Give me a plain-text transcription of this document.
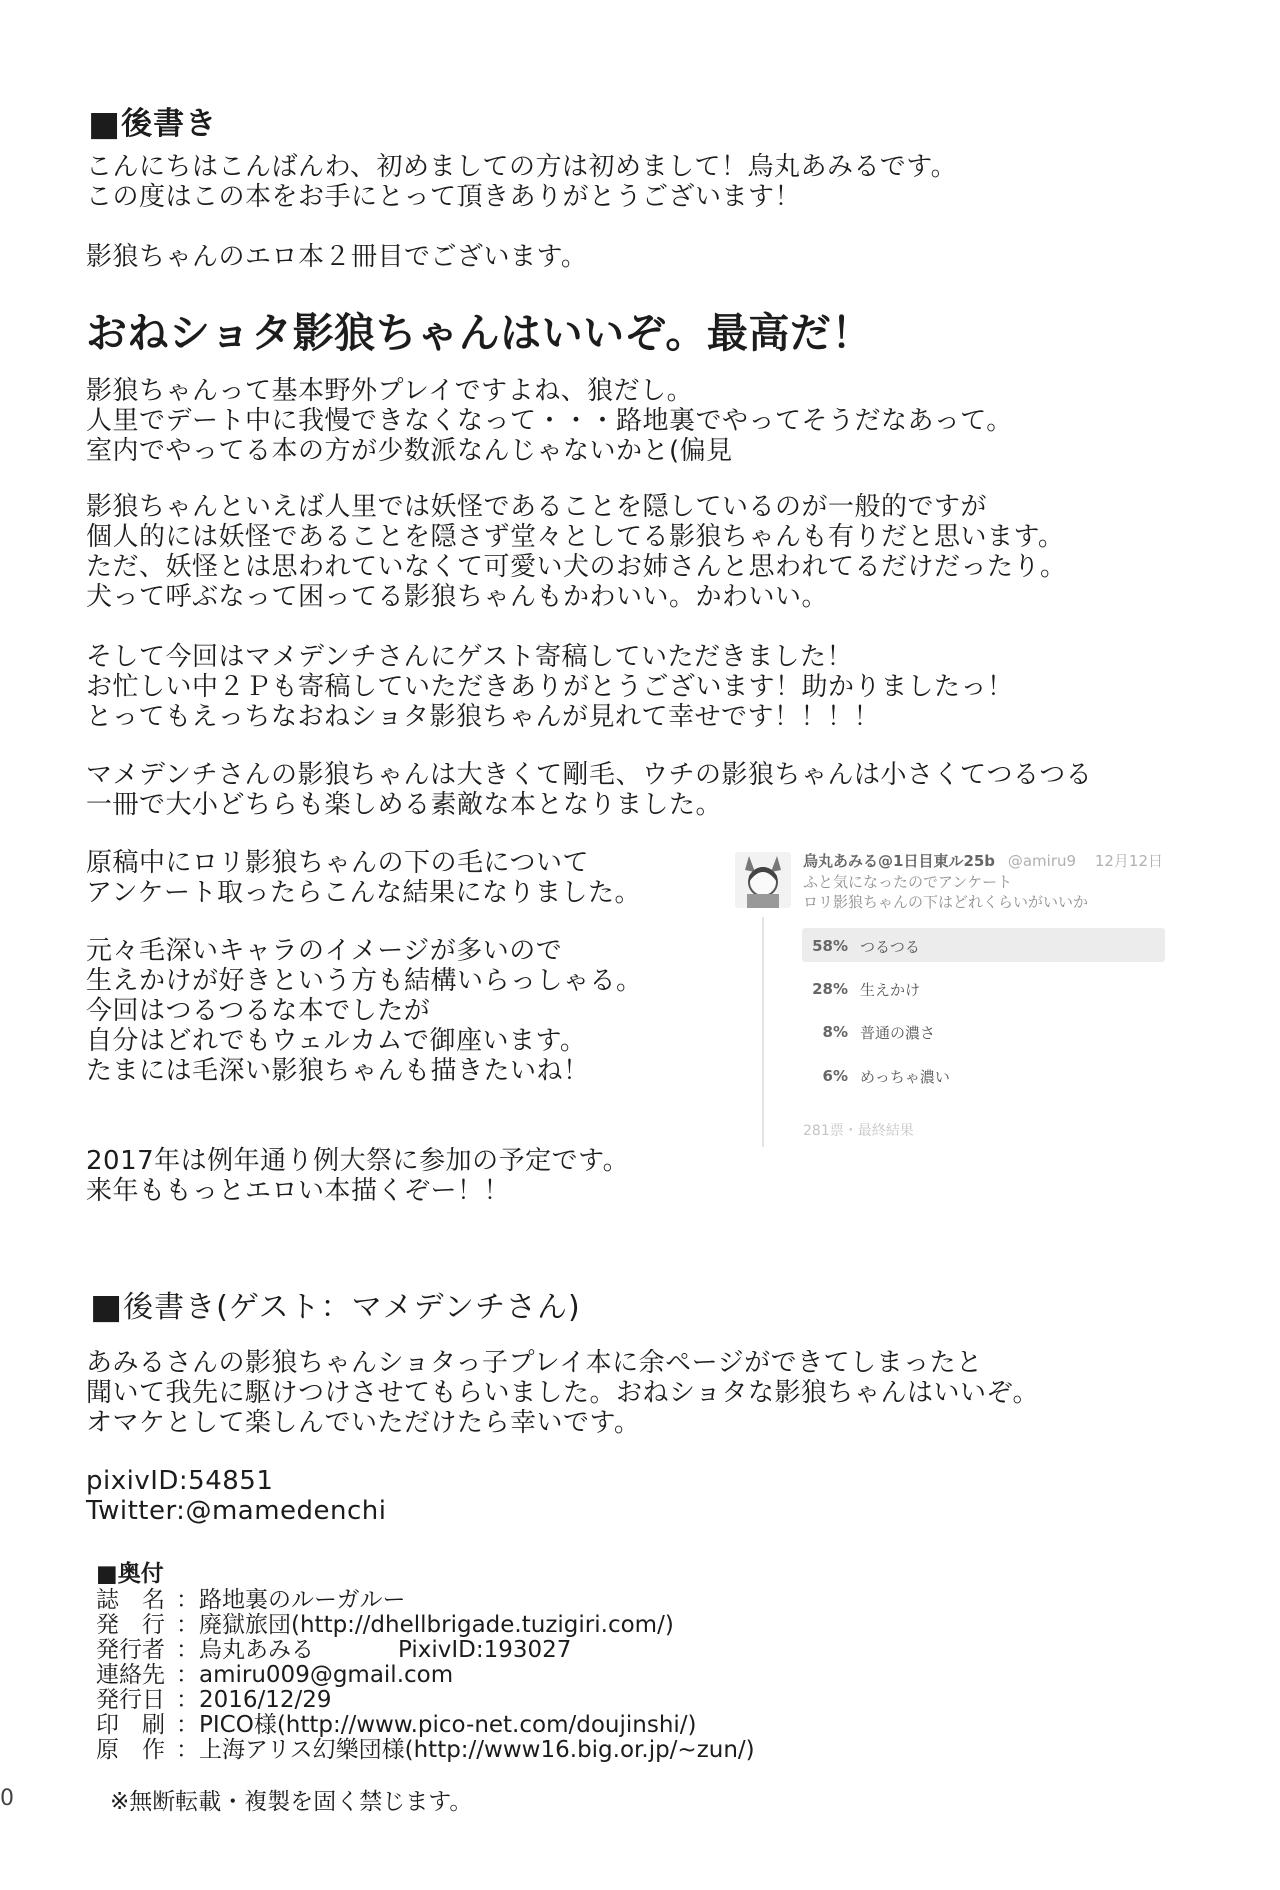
■後書き
こんにちはこんばんわ、初めましての方は初めまして！烏丸あみるです。
この度はこの本をお手にとって頂きありがとうございます！
影狼ちゃんのエロ本２冊目でございます。
おねショタ影狼ちゃんはいいぞ。最高だ！
影狼ちゃんって基本野外プレイですよね、狼だし。
人里でデート中に我慢できなくなって・・・路地裏でやってそうだなあって。
室内でやってる本の方が少数派なんじゃないかと(偏見
影狼ちゃんといえば人里では妖怪であることを隠しているのが一般的ですが
個人的には妖怪であることを隠さず堂々としてる影狼ちゃんも有りだと思います。
ただ、妖怪とは思われていなくて可愛い犬のお姉さんと思われてるだけだったり。
犬って呼ぶなって困ってる影狼ちゃんもかわいい。かわいい。
そして今回はマメデンチさんにゲスト寄稿していただきました！
お忙しい中２Ｐも寄稿していただきありがとうございます！助かりましたっ！
とってもえっちなおねショタ影狼ちゃんが見れて幸せです！！！！
マメデンチさんの影狼ちゃんは大きくて剛毛、ウチの影狼ちゃんは小さくてつるつる
一冊で大小どちらも楽しめる素敵な本となりました。
原稿中にロリ影狼ちゃんの下の毛について
アンケート取ったらこんな結果になりました。
元々毛深いキャラのイメージが多いので
生えかけが好きという方も結構いらっしゃる。
今回はつるつるな本でしたが
自分はどれでもウェルカムで御座います。
たまには毛深い影狼ちゃんも描きたいね！
2017年は例年通り例大祭に参加の予定です。
来年ももっとエロい本描くぞー！！
烏丸あみる@1日目東ル25b @amiru9 12月12日
ふと気になったのでアンケート
ロリ影狼ちゃんの下はどれくらいがいいか
58% つるつる
28% 生えかけ
8% 普通の濃さ
6% めっちゃ濃い
281票・最終結果
■後書き(ゲスト：マメデンチさん)
あみるさんの影狼ちゃんショタっ子プレイ本に余ページができてしまったと
聞いて我先に駆けつけさせてもらいました。おねショタな影狼ちゃんはいいぞ。
オマケとして楽しんでいただけたら幸いです。
pixivID:54851
Twitter:@mamedenchi
■奥付
誌　名 ：路地裏のルーガルー
発　行 ：廃獄旅団(http://dhellbrigade.tuzigiri.com/)
発行者 ：烏丸あみる	PixivID:193027
連絡先 ：amiru009@gmail.com
発行日 ：2016/12/29
印　刷 ：PICO様(http://www.pico-net.com/doujinshi/)
原　作 ：上海アリス幻樂団様(http://www16.big.or.jp/~zun/)
※無断転載・複製を固く禁じます。
0
